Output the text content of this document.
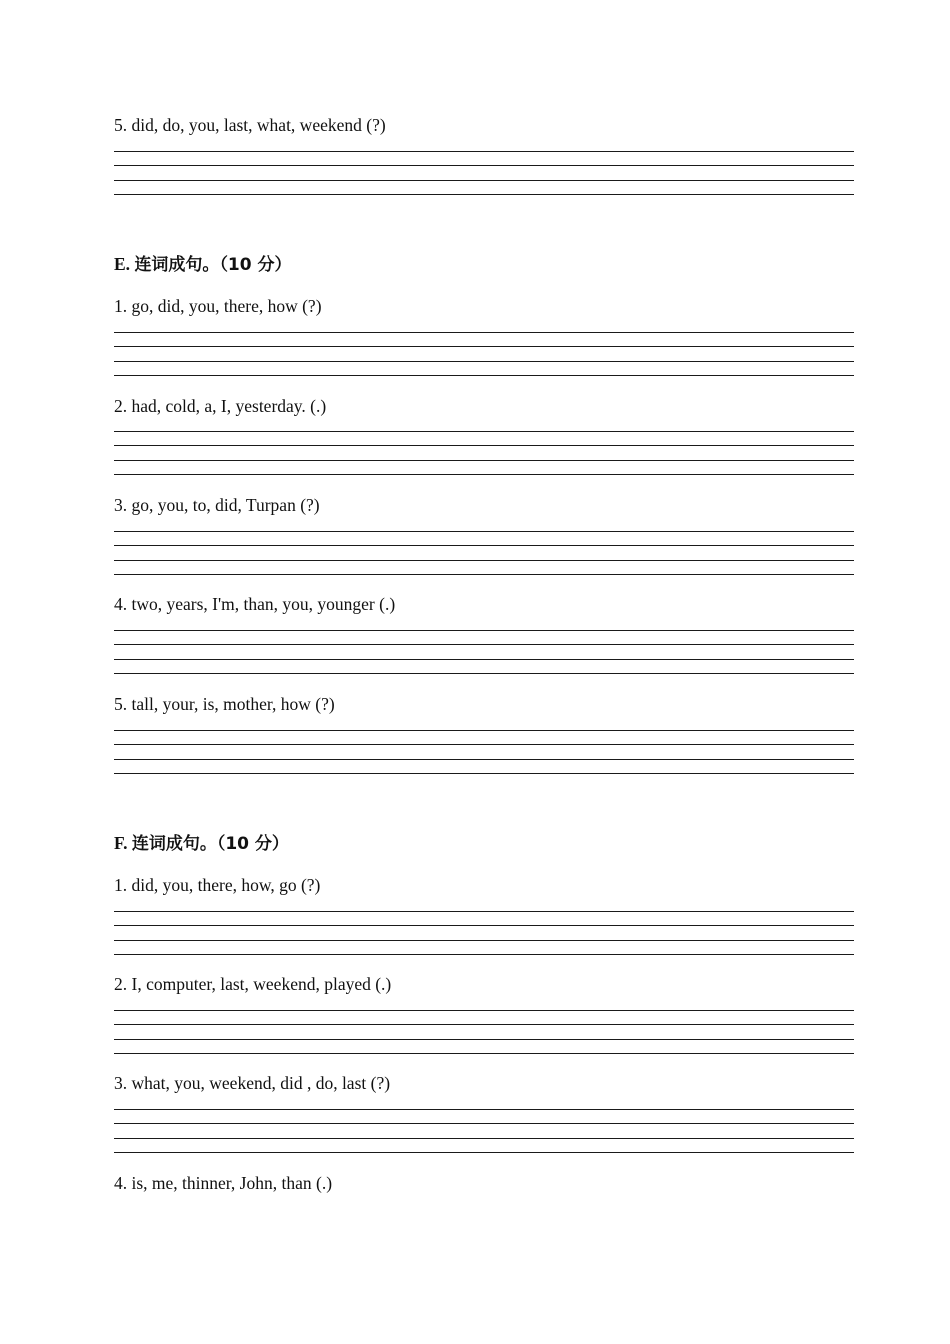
5. did, do, you, last, what, weekend (?)
E. 连词成句。（10 分）
1. go, did, you, there, how (?)
2. had, cold, a, I, yesterday. (.)
3. go, you, to, did, Turpan (?)
4. two, years, I'm, than, you, younger (.)
5. tall, your, is, mother, how (?)
F. 连词成句。（10 分）
1. did, you, there, how, go (?)
2. I, computer, last, weekend, played (.)
3. what, you, weekend, did , do, last (?)
4. is, me, thinner, John, than (.)
